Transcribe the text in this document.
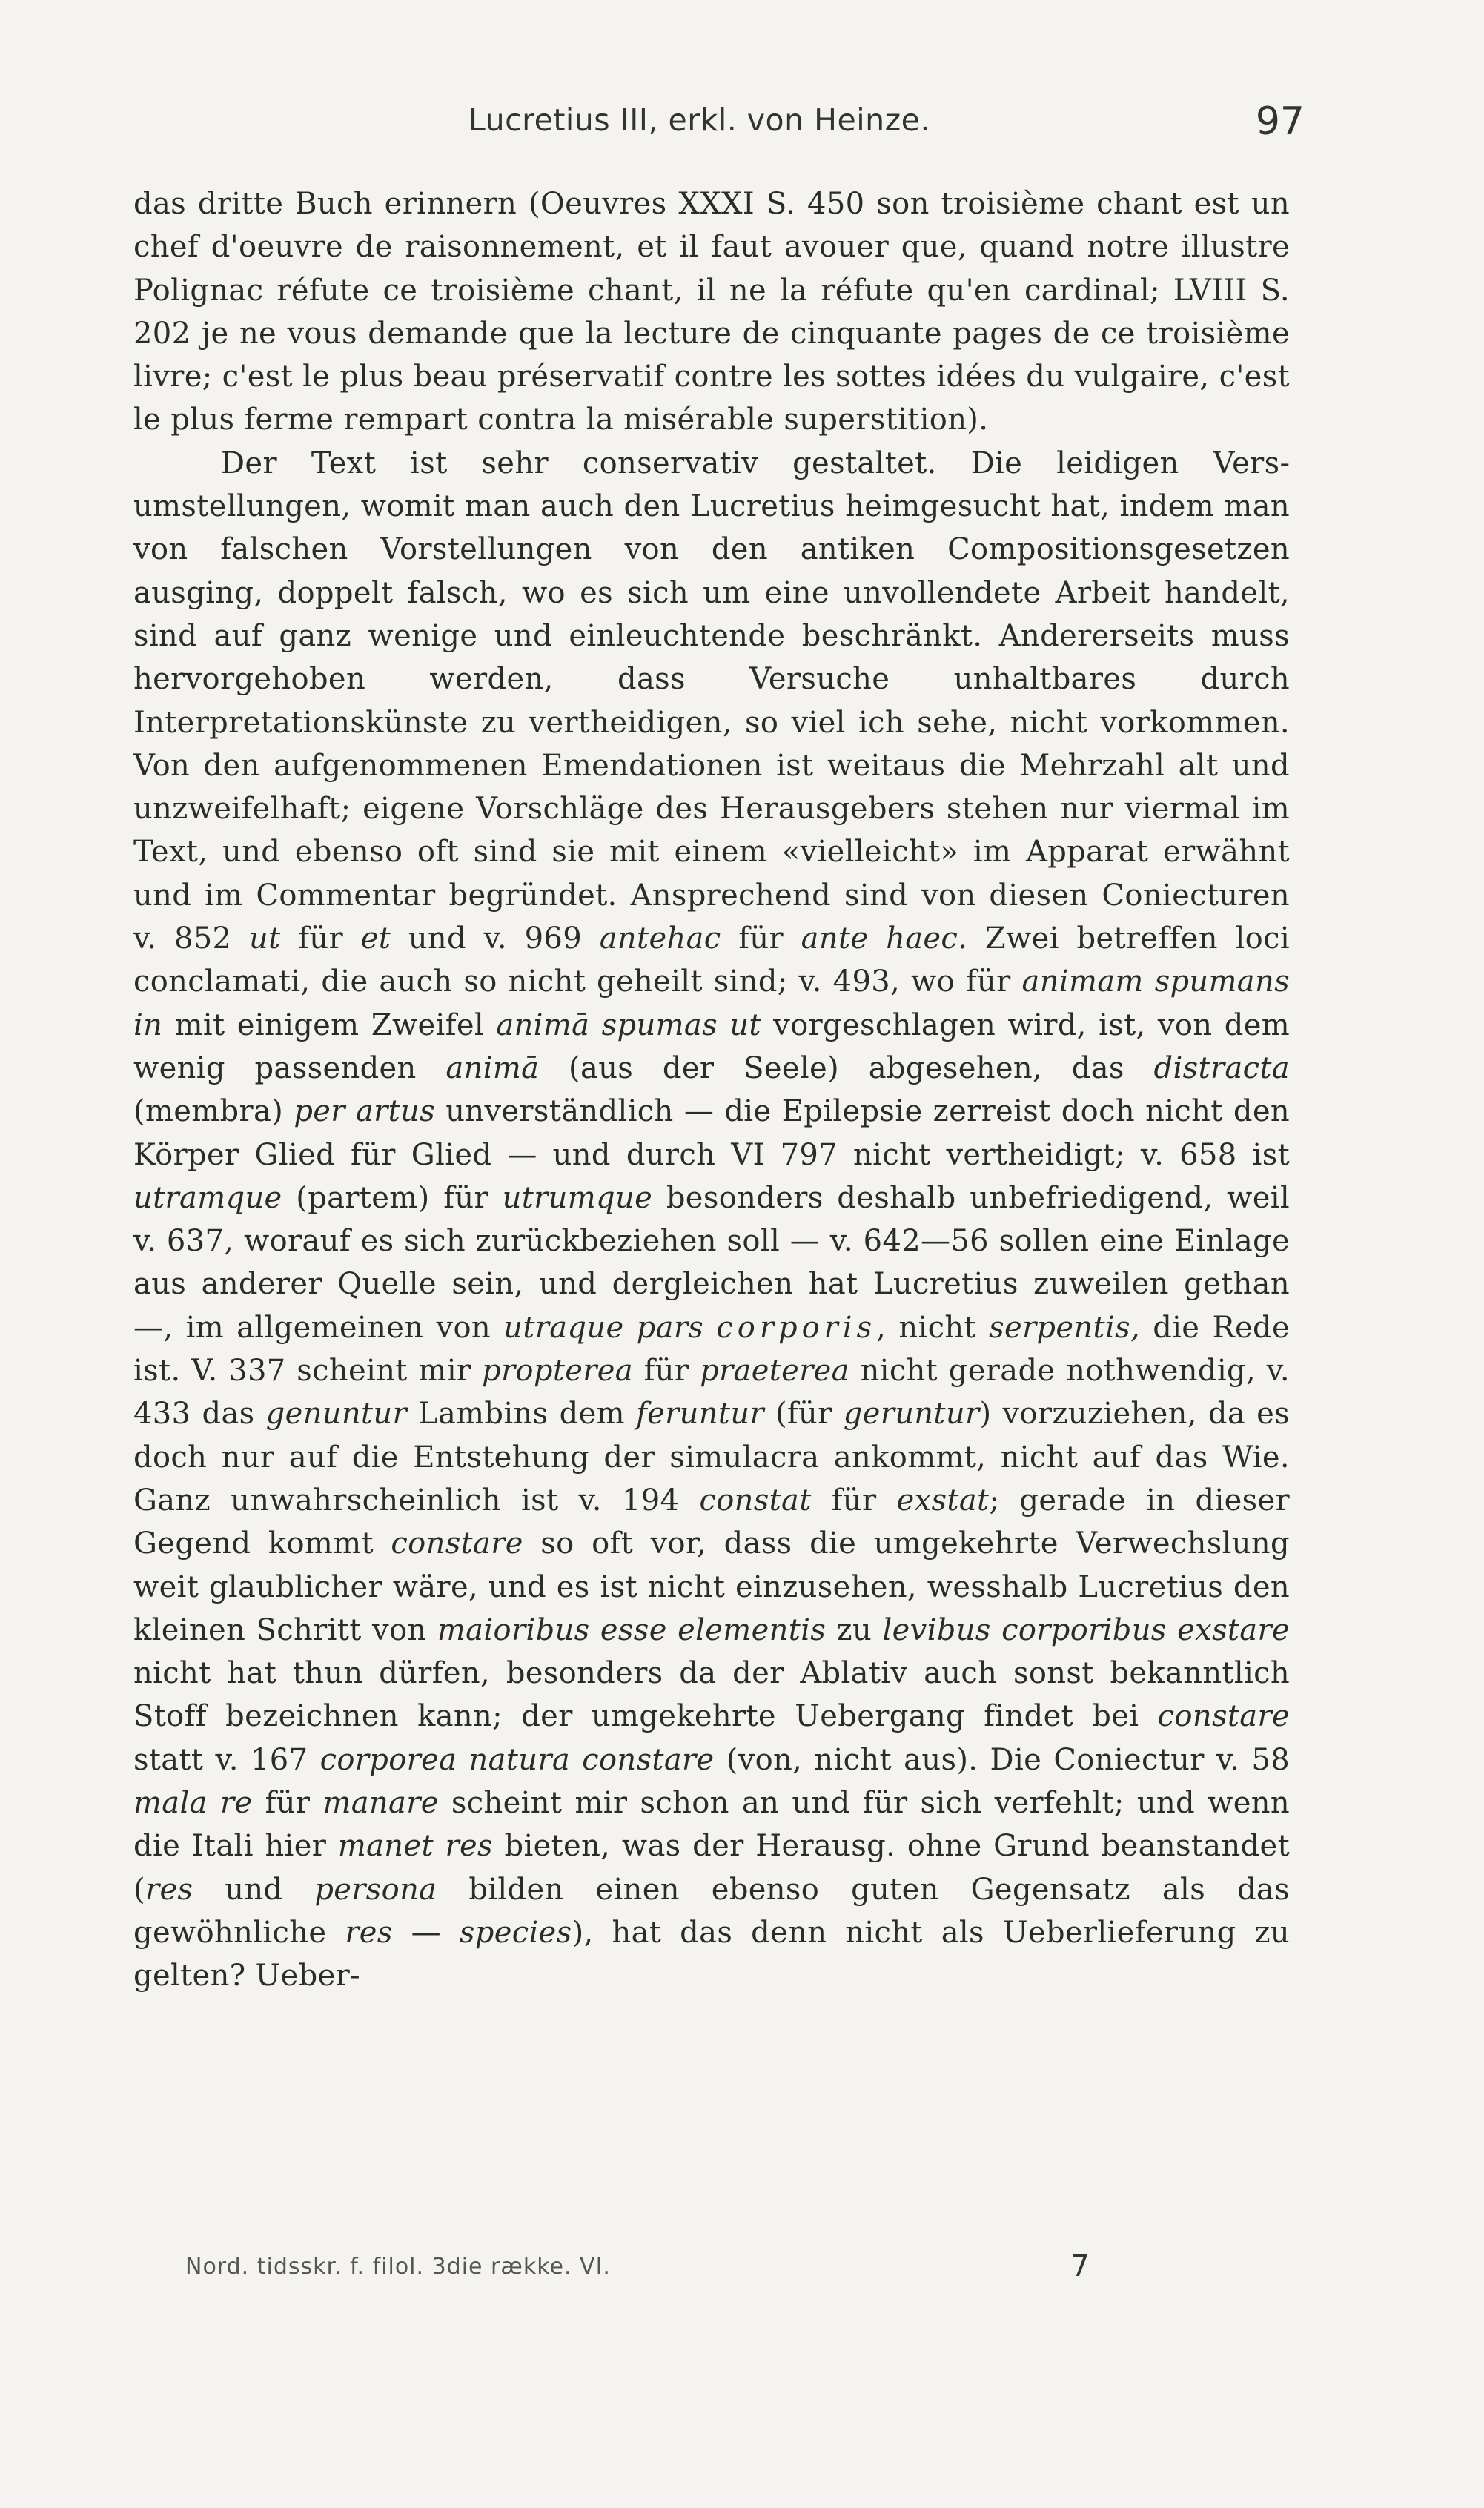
Lucretius III, erkl. von Heinze.	97

das dritte Buch erinnern (Oeuvres XXXI S. 450 son troisième chant est un chef d'oeuvre de raisonnement, et il faut avouer que, quand notre illustre Polignac réfute ce troisième chant, il ne la réfute qu'en cardinal; LVIII S. 202 je ne vous demande que la lecture de cinquante pages de ce troisième livre; c'est le plus beau préservatif contre les sottes idées du vulgaire, c'est le plus ferme rempart contra la misérable superstition).

Der Text ist sehr conservativ gestaltet. Die leidigen Versumstellungen, womit man auch den Lucretius heimgesucht hat, indem man von falschen Vorstellungen von den antiken Compositionsgesetzen ausging, doppelt falsch, wo es sich um eine unvollendete Arbeit handelt, sind auf ganz wenige und einleuchtende beschränkt. Andererseits muss hervorgehoben werden, dass Versuche unhaltbares durch Interpretationskünste zu vertheidigen, so viel ich sehe, nicht vorkommen. Von den aufgenommenen Emendationen ist weitaus die Mehrzahl alt und unzweifelhaft; eigene Vorschläge des Herausgebers stehen nur viermal im Text, und ebenso oft sind sie mit einem «vielleicht» im Apparat erwähnt und im Commentar begründet. Ansprechend sind von diesen Coniecturen v. 852 ut für et und v. 969 antehac für ante haec. Zwei betreffen loci conclamati, die auch so nicht geheilt sind; v. 493, wo für animam spumans in mit einigem Zweifel animā spumas ut vorgeschlagen wird, ist, von dem wenig passenden animā (aus der Seele) abgesehen, das distracta (membra) per artus unverständlich — die Epilepsie zerreist doch nicht den Körper Glied für Glied — und durch VI 797 nicht vertheidigt; v. 658 ist utramque (partem) für utrumque besonders deshalb unbefriedigend, weil v. 637, worauf es sich zurückbeziehen soll — v. 642—56 sollen eine Einlage aus anderer Quelle sein, und dergleichen hat Lucretius zuweilen gethan —, im allgemeinen von utraque pars corporis, nicht serpentis, die Rede ist. V. 337 scheint mir propterea für praeterea nicht gerade nothwendig, v. 433 das genuntur Lambins dem feruntur (für geruntur) vorzuziehen, da es doch nur auf die Entstehung der simulacra ankommt, nicht auf das Wie. Ganz unwahrscheinlich ist v. 194 constat für exstat; gerade in dieser Gegend kommt constare so oft vor, dass die umgekehrte Verwechslung weit glaublicher wäre, und es ist nicht einzusehen, wesshalb Lucretius den kleinen Schritt von maioribus esse elementis zu levibus corporibus exstare nicht hat thun dürfen, besonders da der Ablativ auch sonst bekanntlich Stoff bezeichnen kann; der umgekehrte Uebergang findet bei constare statt v. 167 corporea natura constare (von, nicht aus). Die Coniectur v. 58 mala re für manare scheint mir schon an und für sich verfehlt; und wenn die Itali hier manet res bieten, was der Herausg. ohne Grund beanstandet (res und persona bilden einen ebenso guten Gegensatz als das gewöhnliche res — species), hat das denn nicht als Ueberlieferung zu gelten? Ueber-

Nord. tidsskr. f. filol. 3die række. VI.	7
